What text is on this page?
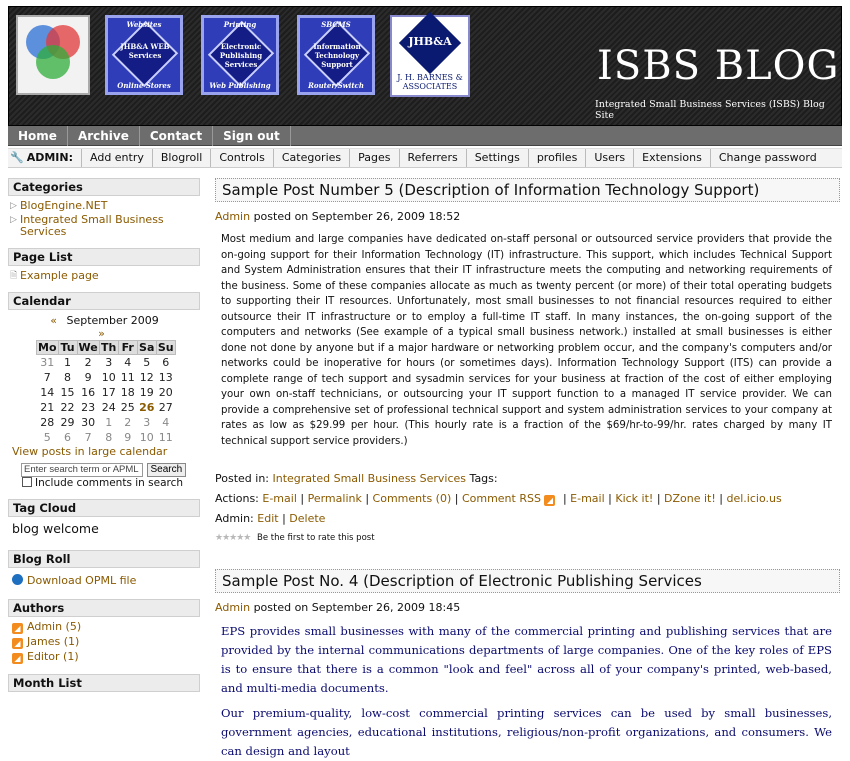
Websites
JHB&A WEB Services
Online Stores
Printing
Electronic Publishing Services
Web Publishing
SBCMS
Information Technology Support
Router/Switch
JHB&A
J. H. BARNES & ASSOCIATES	ISBS BLOG
Integrated Small Business Services (ISBS) Blog Site
Home	Archive	Contact	Sign out
🔧 ADMIN:	Add entry	Blogroll	Controls	Categories	Pages	Referrers	Settings	profiles	Users	Extensions	Change password
Categories
▷ BlogEngine.NET
▷ Integrated Small Business Services
Page List
🗎 Example page
Calendar
« September 2009 »
Mo	Tu	We	Th	Fr	Sa	Su
31	1	2	3	4	5	6
7	8	9	10	11	12	13
14	15	16	17	18	19	20
21	22	23	24	25	26	27
28	29	30	1	2	3	4
5	6	7	8	9	10	11
View posts in large calendar
Enter search term or APML Search
Include comments in search
Tag Cloud
blog welcome
Blog Roll
Download OPML file
Authors
◢ Admin (5)
◢ James (1)
◢ Editor (1)
Month List
Sample Post Number 5 (Description of Information Technology Support)
Admin posted on September 26, 2009 18:52
Most medium and large companies have dedicated on-staff personal or outsourced service providers that provide the on-going support for their Information Technology (IT) infrastructure. This support, which includes Technical Support and System Administration ensures that their IT infrastructure meets the computing and networking requirements of the business. Some of these companies allocate as much as twenty percent (or more) of their total operating budgets to supporting their IT resources. Unfortunately, most small businesses to not financial resources required to either outsource their IT infrastructure or to employ a full-time IT staff. In many instances, the on-going support of the computers and networks (See example of a typical small business network.) installed at small businesses is either done not done by anyone but if a major hardware or networking problem occur, and the company's computers and/or networks could be inoperative for hours (or sometimes days). Information Technology Support (ITS) can provide a complete range of tech support and sysadmin services for your business at fraction of the cost of either employing your own on-staff technicians, or outsourcing your IT support function to a managed IT service provider. We can provide a comprehensive set of professional technical support and system administration services to your company at rates as low as $29.99 per hour. (This hourly rate is a fraction of the $69/hr-to-99/hr. rates charged by many IT technical support service providers.)
Posted in: Integrated Small Business Services Tags:
Actions: E-mail | Permalink | Comments (0) | Comment RSS ◢ | E-mail | Kick it! | DZone it! | del.icio.us
Admin: Edit | Delete
★★★★★ Be the first to rate this post
Sample Post No. 4 (Description of Electronic Publishing Services
Admin posted on September 26, 2009 18:45
EPS provides small businesses with many of the commercial printing and publishing services that are provided by the internal communications departments of large companies. One of the key roles of EPS is to ensure that there is a common "look and feel" across all of your company's printed, web-based, and multi-media documents.
Our premium-quality, low-cost commercial printing services can be used by small businesses, government agencies, educational institutions, religious/non-profit organizations, and consumers. We can design and layout
